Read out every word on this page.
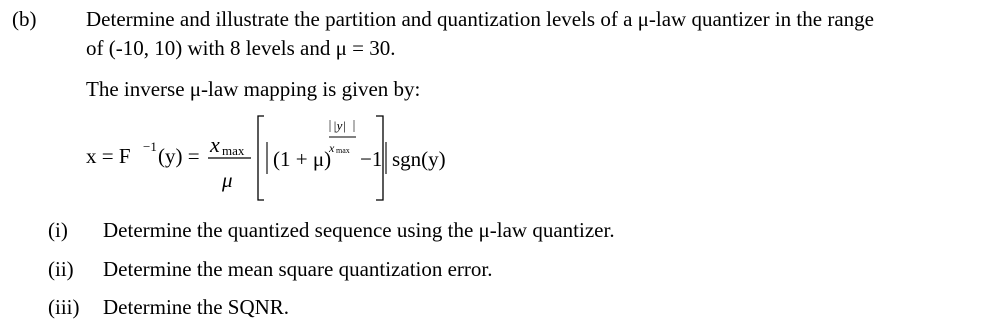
(b) Determine and illustrate the partition and quantization levels of a μ-law quantizer in the range
of (-10, 10) with 8 levels and μ = 30.
The inverse μ-law mapping is given by:
x = F −1 (y) = x max
μ
(1 + μ)
|y|
x max −1 sgn(y)
(i) Determine the quantized sequence using the μ-law quantizer.
(ii) Determine the mean square quantization error.
(iii) Determine the SQNR.
